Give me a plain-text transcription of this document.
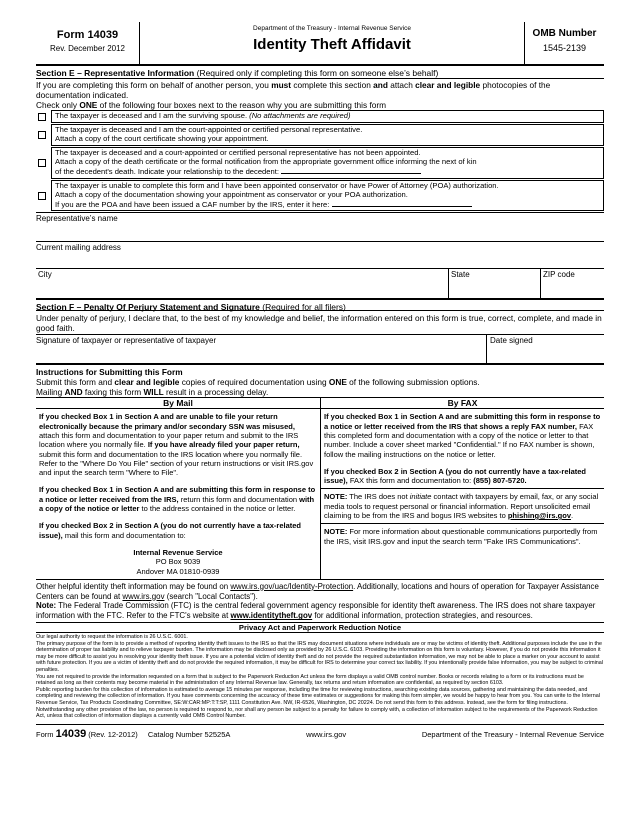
Form 14039
Rev. December 2012
Department of the Treasury - Internal Revenue Service
Identity Theft Affidavit
OMB Number
1545-2139
Section E – Representative Information (Required only if completing this form on someone else’s behalf)
If you are completing this form on behalf of another person, you must complete this section and attach clear and legible photocopies of the documentation indicated.
Check only ONE of the following four boxes next to the reason why you are submitting this form
The taxpayer is deceased and I am the surviving spouse. (No attachments are required)
The taxpayer is deceased and I am the court-appointed or certified personal representative.
Attach a copy of the court certificate showing your appointment.
The taxpayer is deceased and a court-appointed or certified personal representative has not been appointed.
Attach a copy of the death certificate or the formal notification from the appropriate government office informing the next of kin
of the decedent's death. Indicate your relationship to the decedent:
The taxpayer is unable to complete this form and I have been appointed conservator or have Power of Attorney (POA) authorization.
Attach a copy of the documentation showing your appointment as conservator or your POA authorization.
If you are the POA and have been issued a CAF number by the IRS, enter it here:
Representative’s name
Current mailing address
City	State	ZIP code
Section F – Penalty Of Perjury Statement and Signature (Required for all filers)
Under penalty of perjury, I declare that, to the best of my knowledge and belief, the information entered on this form is true, correct, complete, and made in good faith.
Signature of taxpayer or representative of taxpayer	Date signed
Instructions for Submitting this Form
Submit this form and clear and legible copies of required documentation using ONE of the following submission options.
Mailing AND faxing this form WILL result in a processing delay.
By Mail	By FAX

If you checked Box 1 in Section A and are unable to file your return electronically because the primary and/or secondary SSN was misused, attach this form and documentation to your paper return and submit to the IRS location where you normally file. If you have already filed your paper return, submit this form and documentation to the IRS location where you normally file. Refer to the "Where Do You File" section of your return instructions or visit IRS.gov and input the search term "Where to File".

If you checked Box 1 in Section A and are submitting this form in response to a notice or letter received from the IRS, return this form and documentation with a copy of the notice or letter to the address contained in the notice or letter.

If you checked Box 2 in Section A (you do not currently have a tax-related issue), mail this form and documentation to:

Internal Revenue Service
PO Box 9039
Andover MA 01810-0939

If you checked Box 1 in Section A and are submitting this form in response to a notice or letter received from the IRS that shows a reply FAX number, FAX this completed form and documentation with a copy of the notice or letter to that number. Include a cover sheet marked "Confidential." If no FAX number is shown, follow the mailing instructions on the notice or letter.

If you checked Box 2 in Section A (you do not currently have a tax-related issue), FAX this form and documentation to: (855) 807-5720.

NOTE: The IRS does not initiate contact with taxpayers by email, fax, or any social media tools to request personal or financial information. Report unsolicited email claiming to be from the IRS and bogus IRS websites to phishing@irs.gov.
NOTE: For more information about questionable communications purportedly from the IRS, visit IRS.gov and input the search term "Fake IRS Communications".

Other helpful identity theft information may be found on www.irs.gov/uac/Identity-Protection. Additionally, locations and hours of operation for Taxpayer Assistance Centers can be found at www.irs.gov (search "Local Contacts").

Note: The Federal Trade Commission (FTC) is the central federal government agency responsible for identity theft awareness. The IRS does not share taxpayer information with the FTC. Refer to the FTC's website at www.identitytheft.gov for additional information, protection strategies, and resources.

Privacy Act and Paperwork Reduction Notice

Our legal authority to request the information is 26 U.S.C. 6001.

The primary purpose of the form is to provide a method of reporting identity theft issues to the IRS so that the IRS may document situations where individuals are or may be victims of identity theft. Additional purposes include the use in the determination of proper tax liability and to relieve taxpayer burden. The information may be disclosed only as provided by 26 U.S.C. 6103. Providing the information on this form is voluntary. However, if you do not provide this information it may be more difficult to assist you in resolving your identity theft issue. If you are a potential victim of identity theft and do not provide the required substantiation information, we may not be able to place a marker on your account to assist with future protection. If you are a victim of identity theft and do not provide the required information, it may be difficult for IRS to determine your correct tax liability. If you intentionally provide false information, you may be subject to criminal penalties.

You are not required to provide the information requested on a form that is subject to the Paperwork Reduction Act unless the form displays a valid OMB control number. Books or records relating to a form or its instructions must be retained as long as their contents may become material in the administration of any Internal Revenue law. Generally, tax returns and return information are confidential, as required by section 6103.

Public reporting burden for this collection of information is estimated to average 15 minutes per response, including the time for reviewing instructions, searching existing data sources, gathering and maintaining the data needed, and completing and reviewing the collection of information. If you have comments concerning the accuracy of these time estimates or suggestions for making this form simpler, we would be happy to hear from you. You can write to the Internal Revenue Service, Tax Products Coordinating Committee, SE:W:CAR:MP:T:T:SP, 1111 Constitution Ave. NW, IR-6526, Washington, DC 20224. Do not send this form to this address. Instead, see the form for filing instructions. Notwithstanding any other provision of the law, no person is required to respond to, nor shall any person be subject to a penalty for failure to comply with, a collection of information subject to the requirements of the Paperwork Reduction Act, unless that collection of information displays a currently valid OMB Control Number.

Form 14039 (Rev. 12-2012) Catalog Number 52525A	www.irs.gov	Department of the Treasury - Internal Revenue Service
